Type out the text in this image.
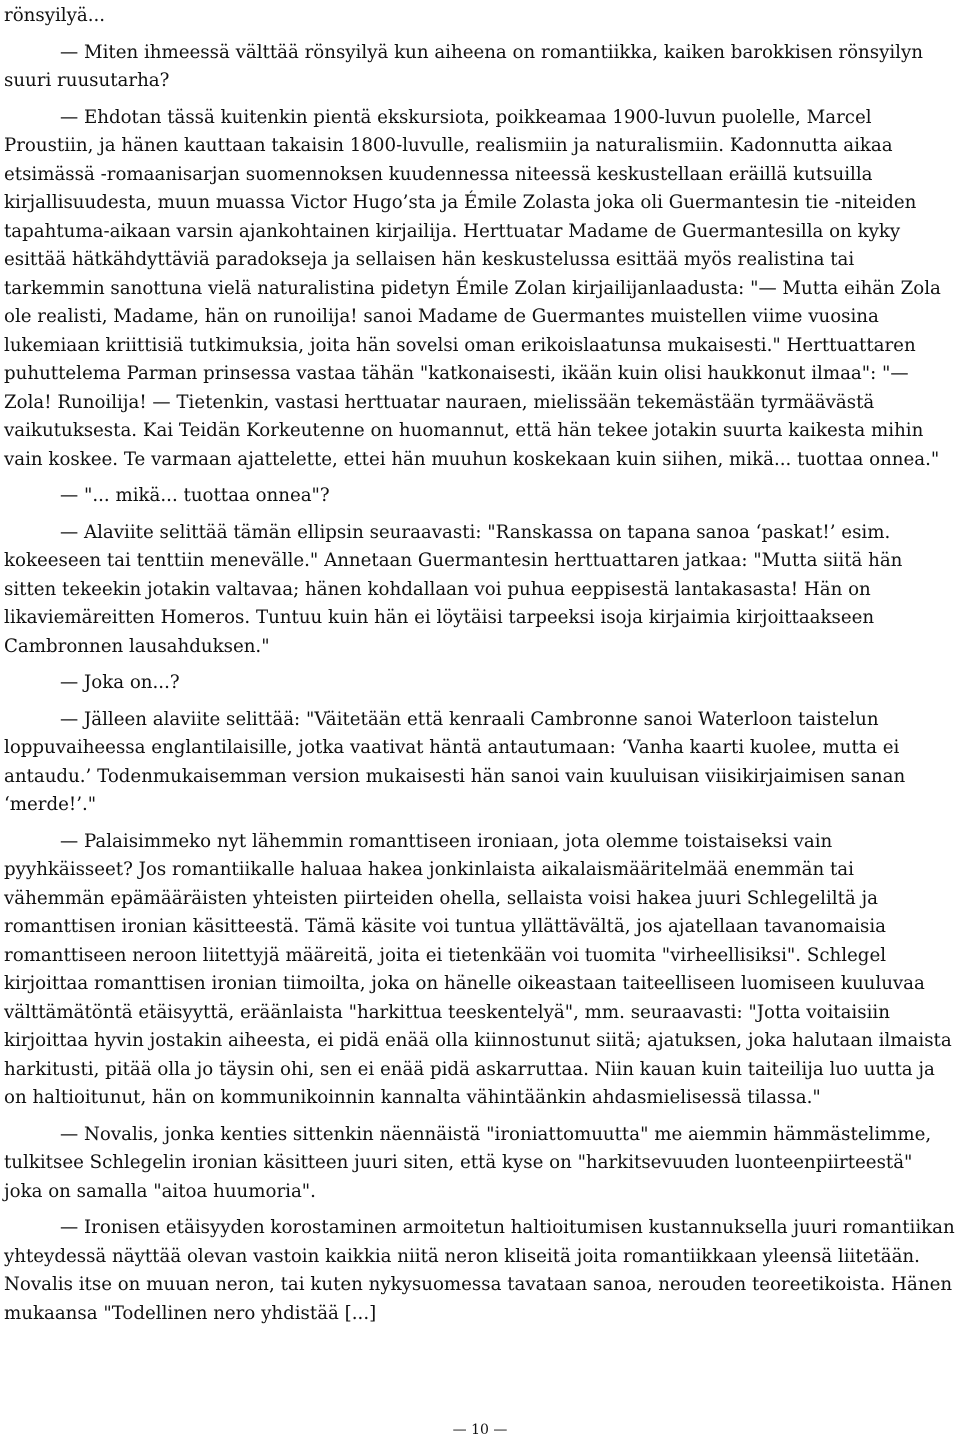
rönsyilyä...

— Miten ihmeessä välttää rönsyilyä kun aiheena on romantiikka, kaiken barokkisen rönsyilyn suuri ruusutarha?

— Ehdotan tässä kuitenkin pientä ekskursiota, poikkeamaa 1900-luvun puolelle, Marcel Proustiin, ja hänen kauttaan takaisin 1800-luvulle, realismiin ja naturalismiin. Kadonnutta aikaa etsimässä -romaanisarjan suomennoksen kuudennessa niteessä keskustellaan eräillä kutsuilla kirjallisuudesta, muun muassa Victor Hugo’sta ja Émile Zolasta joka oli Guermantesin tie -niteiden tapahtuma-aikaan varsin ajankohtainen kirjailija. Herttuatar Madame de Guermantesilla on kyky esittää hätkähdyttäviä paradokseja ja sellaisen hän keskustelussa esittää myös realistina tai tarkemmin sanottuna vielä naturalistina pidetyn Émile Zolan kirjailijanlaadusta: "— Mutta eihän Zola ole realisti, Madame, hän on runoilija! sanoi Madame de Guermantes muistellen viime vuosina lukemiaan kriittisiä tutkimuksia, joita hän sovelsi oman erikoislaatunsa mukaisesti." Herttuattaren puhuttelema Parman prinsessa vastaa tähän "katkonaisesti, ikään kuin olisi haukkonut ilmaa": "— Zola! Runoilija! — Tietenkin, vastasi herttuatar nauraen, mielissään tekemästään tyrmäävästä vaikutuksesta. Kai Teidän Korkeutenne on huomannut, että hän tekee jotakin suurta kaikesta mihin vain koskee. Te varmaan ajattelette, ettei hän muuhun koskekaan kuin siihen, mikä... tuottaa onnea."

— "... mikä... tuottaa onnea"?

— Alaviite selittää tämän ellipsin seuraavasti: "Ranskassa on tapana sanoa ‘paskat!’ esim. kokeeseen tai tenttiin menevälle." Annetaan Guermantesin herttuattaren jatkaa: "Mutta siitä hän sitten tekeekin jotakin valtavaa; hänen kohdallaan voi puhua eeppisestä lantakasasta! Hän on likaviemäreitten Homeros. Tuntuu kuin hän ei löytäisi tarpeeksi isoja kirjaimia kirjoittaakseen Cambronnen lausahduksen."

— Joka on...?

— Jälleen alaviite selittää: "Väitetään että kenraali Cambronne sanoi Waterloon taistelun loppuvaiheessa englantilaisille, jotka vaativat häntä antautumaan: ‘Vanha kaarti kuolee, mutta ei antaudu.’ Todenmukaisemman version mukaisesti hän sanoi vain kuuluisan viisikirjaimisen sanan ‘merde!’."

— Palaisimmeko nyt lähemmin romanttiseen ironiaan, jota olemme toistaiseksi vain pyyhkäisseet? Jos romantiikalle haluaa hakea jonkinlaista aikalaismääritelmää enemmän tai vähemmän epämääräisten yhteisten piirteiden ohella, sellaista voisi hakea juuri Schlegeliltä ja romanttisen ironian käsitteestä. Tämä käsite voi tuntua yllättävältä, jos ajatellaan tavanomaisia romanttiseen neroon liitettyjä määreitä, joita ei tietenkään voi tuomita "virheellisiksi". Schlegel kirjoittaa romanttisen ironian tiimoilta, joka on hänelle oikeastaan taiteelliseen luomiseen kuuluvaa välttämätöntä etäisyyttä, eräänlaista "harkittua teeskentelyä", mm. seuraavasti: "Jotta voitaisiin kirjoittaa hyvin jostakin aiheesta, ei pidä enää olla kiinnostunut siitä; ajatuksen, joka halutaan ilmaista harkitusti, pitää olla jo täysin ohi, sen ei enää pidä askarruttaa. Niin kauan kuin taiteilija luo uutta ja on haltioitunut, hän on kommunikoinnin kannalta vähintäänkin ahdasmielisessä tilassa."

— Novalis, jonka kenties sittenkin näennäistä "ironiattomuutta" me aiemmin hämmästelimme, tulkitsee Schlegelin ironian käsitteen juuri siten, että kyse on "harkitsevuuden luonteenpiirteestä" joka on samalla "aitoa huumoria".

— Ironisen etäisyyden korostaminen armoitetun haltioitumisen kustannuksella juuri romantiikan yhteydessä näyttää olevan vastoin kaikkia niitä neron kliseitä joita romantiikkaan yleensä liitetään. Novalis itse on muuan neron, tai kuten nykysuomessa tavataan sanoa, nerouden teoreetikoista. Hänen mukaansa "Todellinen nero yhdistää [...]

— 10 —
